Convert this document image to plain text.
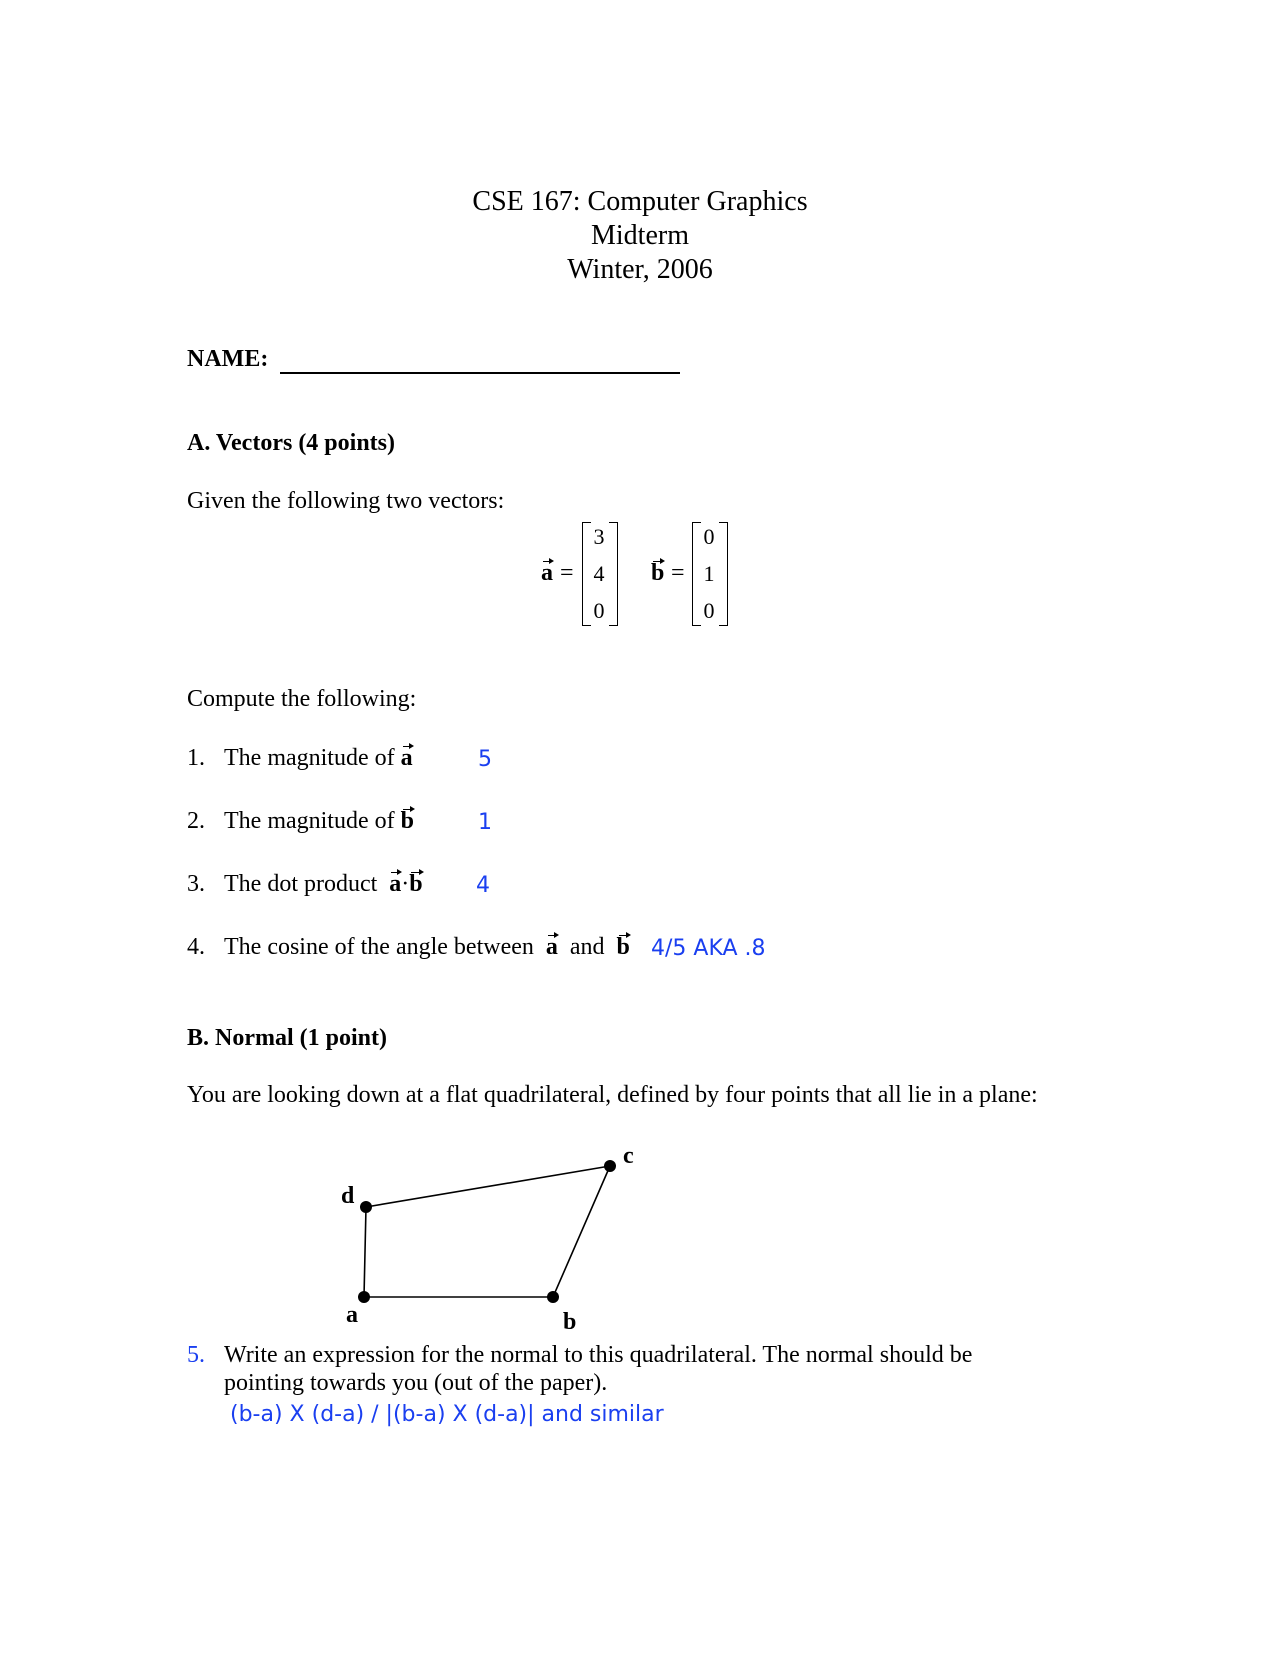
CSE 167: Computer Graphics
Midterm
Winter, 2006
NAME:
A. Vectors (4 points)
Given the following two vectors:
a =
3
4
0
b =
0
1
0
Compute the following:
1. The magnitude of a	5
2. The magnitude of b	1
3. The dot product a·b 4
4. The cosine of the angle between a and b 4/5 AKA .8
B. Normal (1 point)
You are looking down at a flat quadrilateral, defined by four points that all lie in a plane:
a	b
c
d
5. Write an expression for the normal to this quadrilateral. The normal should be
pointing towards you (out of the paper).
(b-a) X (d-a) / |(b-a) X (d-a)| and similar
